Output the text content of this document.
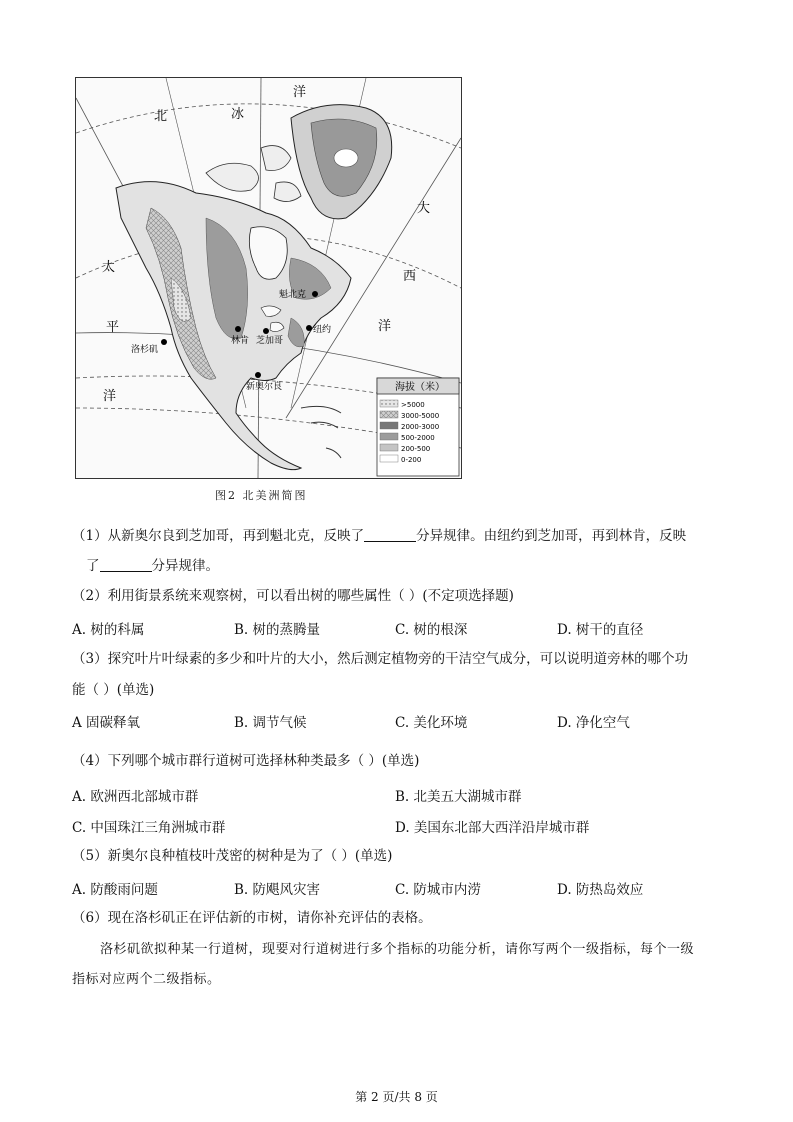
北	冰
洋
大
西
洋
太
平
洋
魁北克
林肯 芝加哥
纽约
洛杉矶
新奥尔良	海拔（米）
>5000
3000-5000
2000-3000
500-2000
200-500
0-200
图2 北美洲简图
（1）从新奥尔良到芝加哥，再到魁北克，反映了	分异规律。由纽约到芝加哥，再到林肯，反映
了	分异规律。
（2）利用街景系统来观察树，可以看出树的哪些属性（ ）(不定项选择题)
A. 树的科属	B. 树的蒸腾量	C. 树的根深	D. 树干的直径
（3）探究叶片叶绿素的多少和叶片的大小，然后测定植物旁的干洁空气成分，可以说明道旁林的哪个功
能（ ）(单选)
A 固碳释氧	B. 调节气候	C. 美化环境	D. 净化空气
（4）下列哪个城市群行道树可选择林种类最多（ ）(单选)
A. 欧洲西北部城市群	B. 北美五大湖城市群
C. 中国珠江三角洲城市群	D. 美国东北部大西洋沿岸城市群
（5）新奥尔良种植枝叶茂密的树种是为了（ ）(单选)
A. 防酸雨问题	B. 防飓风灾害	C. 防城市内涝	D. 防热岛效应
（6）现在洛杉矶正在评估新的市树，请你补充评估的表格。
洛杉矶欲拟种某一行道树，现要对行道树进行多个指标的功能分析，请你写两个一级指标，每个一级
指标对应两个二级指标。
第 2 页/共 8 页
